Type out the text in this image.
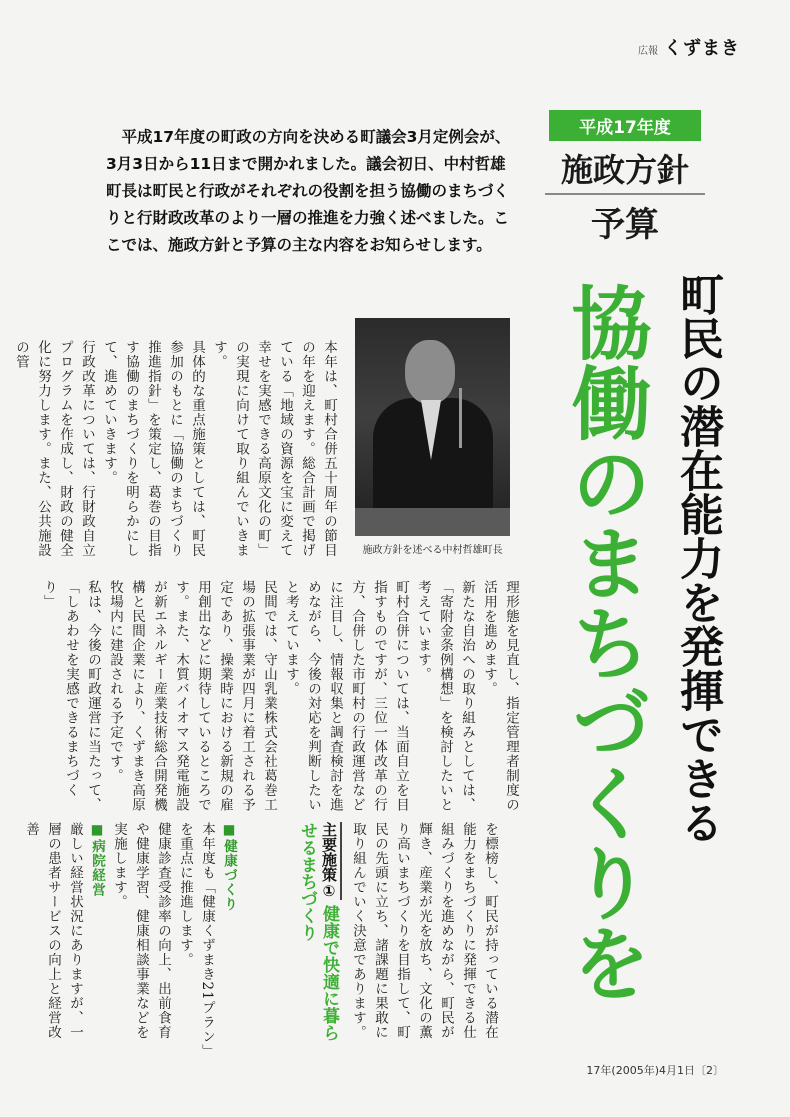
広報 くずまき

平成17年度の町政の方向を決める町議会3月定例会が、3月3日から11日まで開かれました。議会初日、中村哲雄町長は町民と行政がそれぞれの役割を担う協働のまちづくりと行財政改革のより一層の推進を力強く述べました。ここでは、施政方針と予算の主な内容をお知らせします。

平成17年度
施政方針
予算
町民の潜在能力を発揮できる
協働のまちづくりを
施政方針を述べる中村哲雄町長
本年は、町村合併五十周年の節目の年を迎えます。総合計画で掲げている「地域の資源を宝に変えて幸せを実感できる高原文化の町」の実現に向けて取り組んでいきます。
具体的な重点施策としては、町民参加のもとに「協働のまちづくり推進指針」を策定し、葛巻の目指す協働のまちづくりを明らかにして、進めていきます。
行政改革については、行財政自立プログラムを作成し、財政の健全化に努力します。また、公共施設の管
理形態を見直し、指定管理者制度の活用を進めます。
新たな自治への取り組みとしては、「寄附金条例構想」を検討したいと考えています。
町村合併については、当面自立を目指すものですが、三位一体改革の行方、合併した市町村の行政運営などに注目し、情報収集と調査検討を進めながら、今後の対応を判断したいと考えています。
民間では、守山乳業株式会社葛巻工場の拡張事業が四月に着工される予定であり、操業時における新規の雇用創出などに期待しているところです。また、木質バイオマス発電施設が新エネルギー産業技術総合開発機構と民間企業により、くずまき高原牧場内に建設される予定です。
私は、今後の町政運営に当たって、「しあわせを実感できるまちづくり」

を標榜し、町民が持っている潜在能力をまちづくりに発揮できる仕組みづくりを進めながら、町民が輝き、産業が光を放ち、文化の薫り高いまちづくりを目指して、町民の先頭に立ち、諸課題に果敢に取り組んでいく決意であります。

主要施策① 健康で快適に暮らせるまちづくり

■健康づくり
本年度も「健康くずまき21プラン」を重点に推進します。
健康診査受診率の向上、出前食育や健康学習、健康相談事業などを実施します。
■病院経営
厳しい経営状況にありますが、一層の患者サービスの向上と経営改善

17年(2005年)4月1日〔2〕
